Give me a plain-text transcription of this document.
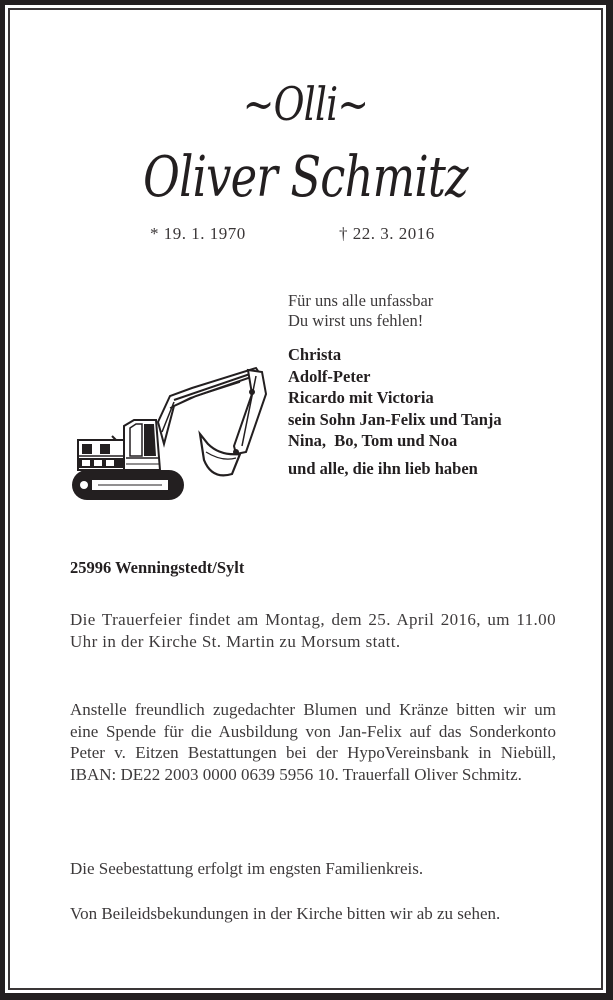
~Olli~
Oliver Schmitz
* 19. 1. 1970	† 22. 3. 2016
Für uns alle unfassbar
Du wirst uns fehlen!
Christa
Adolf-Peter
Ricardo mit Victoria
sein Sohn Jan-Felix und Tanja
Nina,  Bo, Tom und Noa
und alle, die ihn lieb haben
25996 Wenningstedt/Sylt
Die Trauerfeier findet am Montag, dem 25. April 2016, um 11.00 Uhr in der Kirche St. Martin zu Morsum statt.
Anstelle freundlich zugedachter Blumen und Kränze bitten wir um eine Spende für die Ausbildung von Jan-Felix auf das Sonderkonto Peter v. Eitzen Bestattungen bei der HypoVereinsbank in Niebüll, IBAN: DE22 2003 0000 0639 5956 10. Trauerfall Oliver Schmitz.
Die Seebestattung erfolgt im engsten Familienkreis.
Von Beileidsbekundungen in der Kirche bitten wir ab zu sehen.
